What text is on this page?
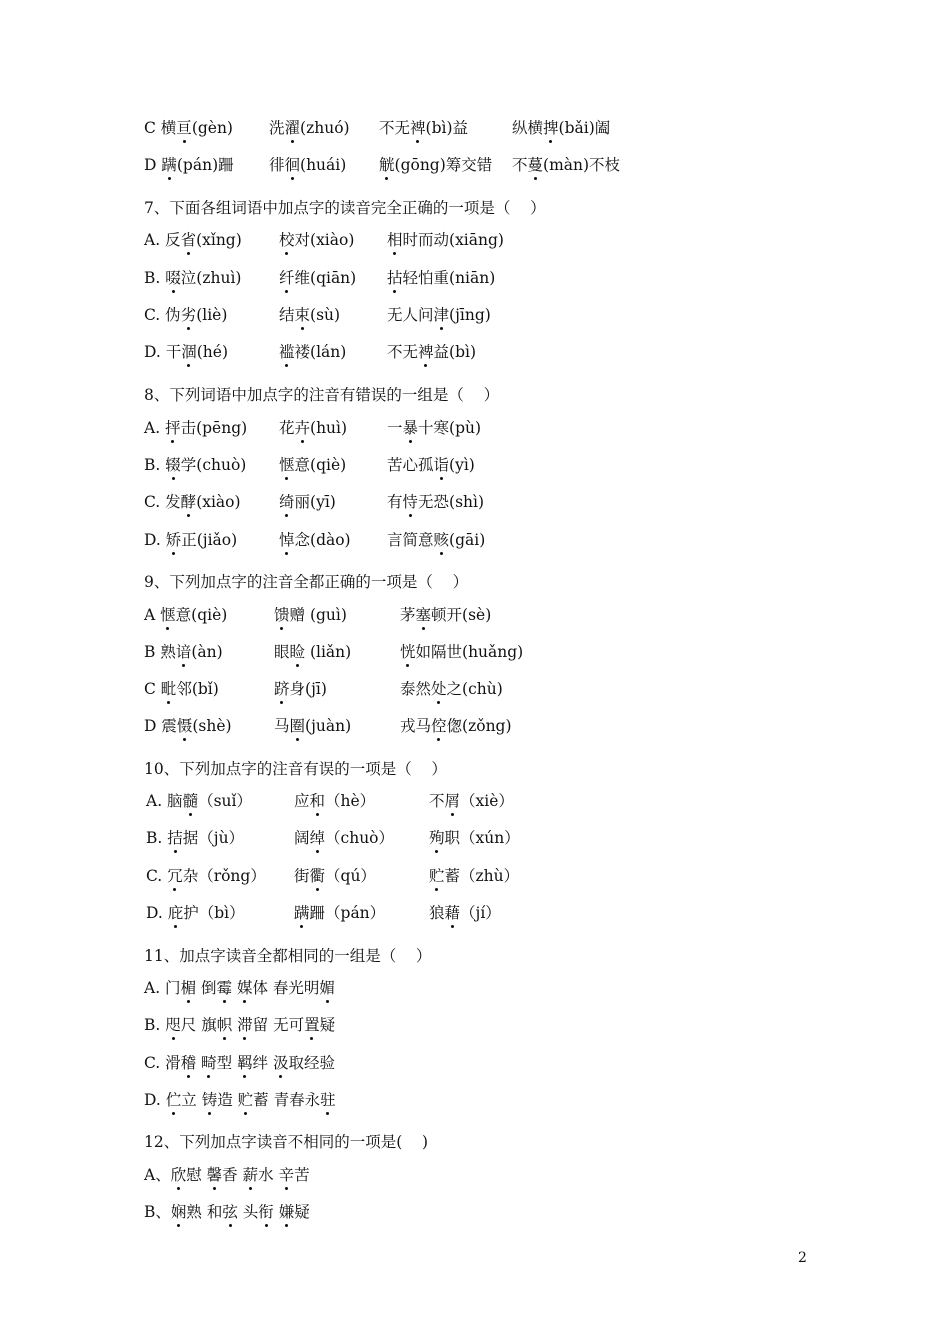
C 横亘(gèn) 洗濯(zhuó) 不无裨(bì)益	纵横捭(bǎi)阖
D 蹒(pán)跚 徘徊(huái) 觥(gōng)筹交错 不蔓(màn)不枝
7、下面各组词语中加点字的读音完全正确的一项是（    ）
A. 反省(xǐng) 校对(xiào) 相时而动(xiāng)
B. 啜泣(zhuì) 纤维(qiān) 拈轻怕重(niān)
C. 伪劣(liè)	结束(sù)	无人问津(jīng)
D. 干涸(hé)	褴褛(lán)	不无裨益(bì)
8、下列词语中加点字的注音有错误的一组是（    ）
A. 抨击(pēng) 花卉(huì)	一暴十寒(pù)
B. 辍学(chuò) 惬意(qiè)	苦心孤诣(yì)
C. 发酵(xiào) 绮丽(yī)	有恃无恐(shì)
D. 矫正(jiǎo)	悼念(dào) 言简意赅(gāi)
9、下列加点字的注音全都正确的一项是（    ）
A 惬意(qiè)	馈赠 (guì)	茅塞顿开(sè)
B 熟谙(àn)	眼睑 (liǎn)	恍如隔世(huǎng)
C 毗邻(bǐ)	跻身(jī)	泰然处之(chù)
D 震慑(shè)	马圈(juàn)	戎马倥偬(zǒng)
10、下列加点字的注音有误的一项是（    ）
A. 脑髓（suǐ）	应和（hè）	不屑（xiè）
B. 拮据（jù）	阔绰（chuò） 殉职（xún）
C. 冗杂（rǒng） 街衢（qú）	贮蓄（zhù）
D. 庇护（bì）	蹒跚（pán）	狼藉（jí）
11、加点字读音全都相同的一组是（    ）
A. 门楣 倒霉 媒体 春光明媚
B. 咫尺 旗帜 滞留 无可置疑
C. 滑稽 畸型 羁绊 汲取经验
D. 伫立 铸造 贮蓄 青春永驻
12、下列加点字读音不相同的一项是(    )
A、欣慰 馨香 薪水 辛苦
B、娴熟 和弦 头衔 嫌疑
2
